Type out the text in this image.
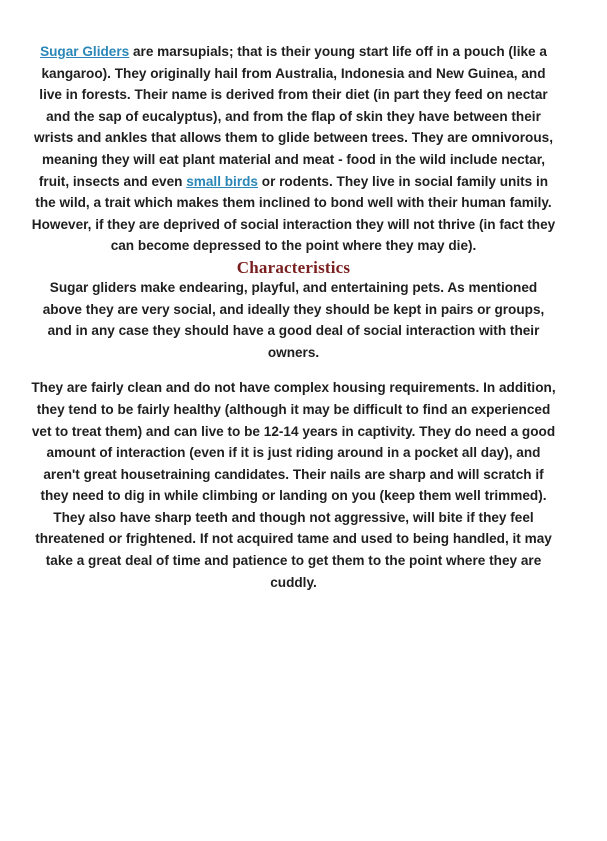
Sugar Gliders are marsupials; that is their young start life off in a pouch (like a kangaroo). They originally hail from Australia, Indonesia and New Guinea, and live in forests. Their name is derived from their diet (in part they feed on nectar and the sap of eucalyptus), and from the flap of skin they have between their wrists and ankles that allows them to glide between trees. They are omnivorous, meaning they will eat plant material and meat - food in the wild include nectar, fruit, insects and even small birds or rodents. They live in social family units in the wild, a trait which makes them inclined to bond well with their human family. However, if they are deprived of social interaction they will not thrive (in fact they can become depressed to the point where they may die).

Characteristics

Sugar gliders make endearing, playful, and entertaining pets. As mentioned above they are very social, and ideally they should be kept in pairs or groups, and in any case they should have a good deal of social interaction with their owners.

They are fairly clean and do not have complex housing requirements. In addition, they tend to be fairly healthy (although it may be difficult to find an experienced vet to treat them) and can live to be 12-14 years in captivity. They do need a good amount of interaction (even if it is just riding around in a pocket all day), and aren't great housetraining candidates. Their nails are sharp and will scratch if they need to dig in while climbing or landing on you (keep them well trimmed). They also have sharp teeth and though not aggressive, will bite if they feel threatened or frightened. If not acquired tame and used to being handled, it may take a great deal of time and patience to get them to the point where they are cuddly.
